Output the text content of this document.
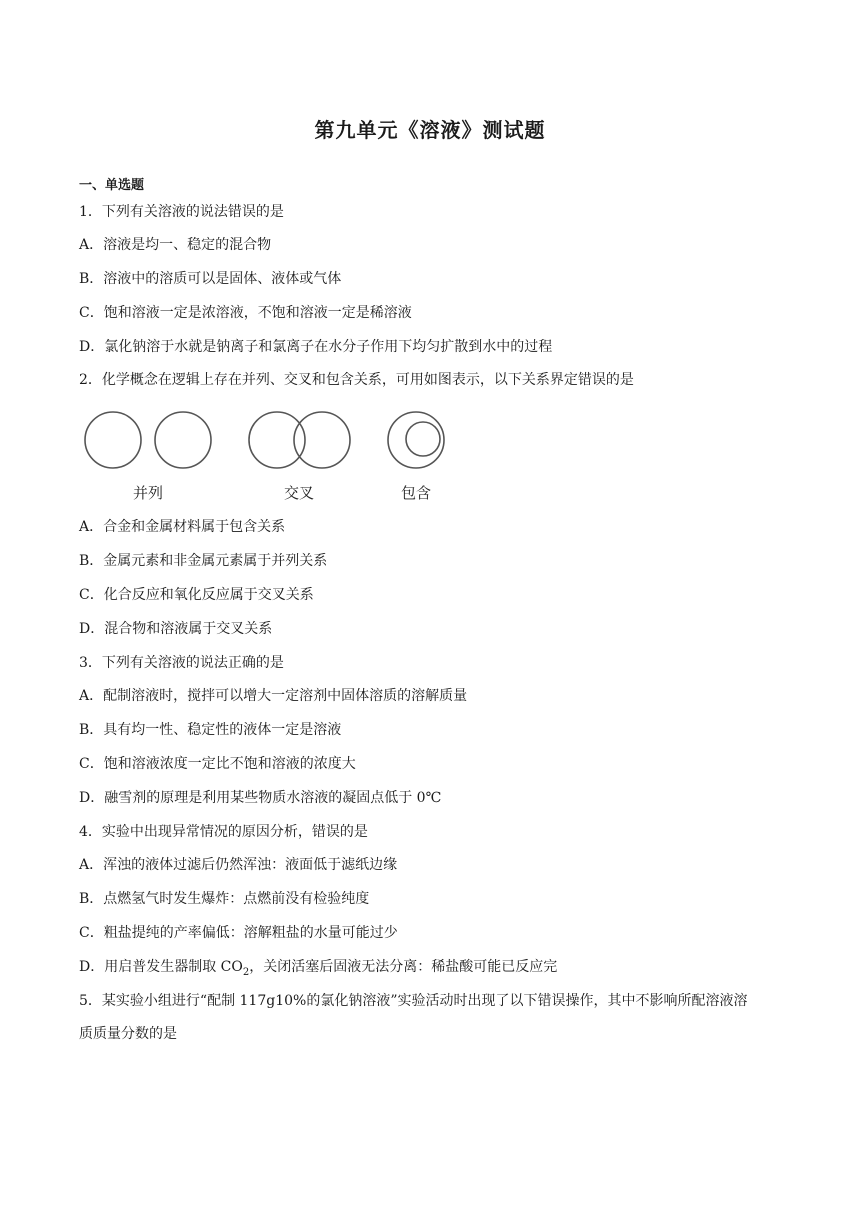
第九单元《溶液》测试题
一、单选题
1．下列有关溶液的说法错误的是
A．溶液是均一、稳定的混合物
B．溶液中的溶质可以是固体、液体或气体
C．饱和溶液一定是浓溶液，不饱和溶液一定是稀溶液
D．氯化钠溶于水就是钠离子和氯离子在水分子作用下均匀扩散到水中的过程
2．化学概念在逻辑上存在并列、交叉和包含关系，可用如图表示，以下关系界定错误的是
并列	交叉	包含
A．合金和金属材料属于包含关系
B．金属元素和非金属元素属于并列关系
C．化合反应和氧化反应属于交叉关系
D．混合物和溶液属于交叉关系
3．下列有关溶液的说法正确的是
A．配制溶液时，搅拌可以增大一定溶剂中固体溶质的溶解质量
B．具有均一性、稳定性的液体一定是溶液
C．饱和溶液浓度一定比不饱和溶液的浓度大
D．融雪剂的原理是利用某些物质水溶液的凝固点低于 0℃
4．实验中出现异常情况的原因分析，错误的是
A．浑浊的液体过滤后仍然浑浊：液面低于滤纸边缘
B．点燃氢气时发生爆炸：点燃前没有检验纯度
C．粗盐提纯的产率偏低：溶解粗盐的水量可能过少
D．用启普发生器制取 $CO_2$，关闭活塞后固液无法分离：稀盐酸可能已反应完
5．某实验小组进行“配制 117g10%的氯化钠溶液”实验活动时出现了以下错误操作，其中不影响所配溶液溶
质质量分数的是
